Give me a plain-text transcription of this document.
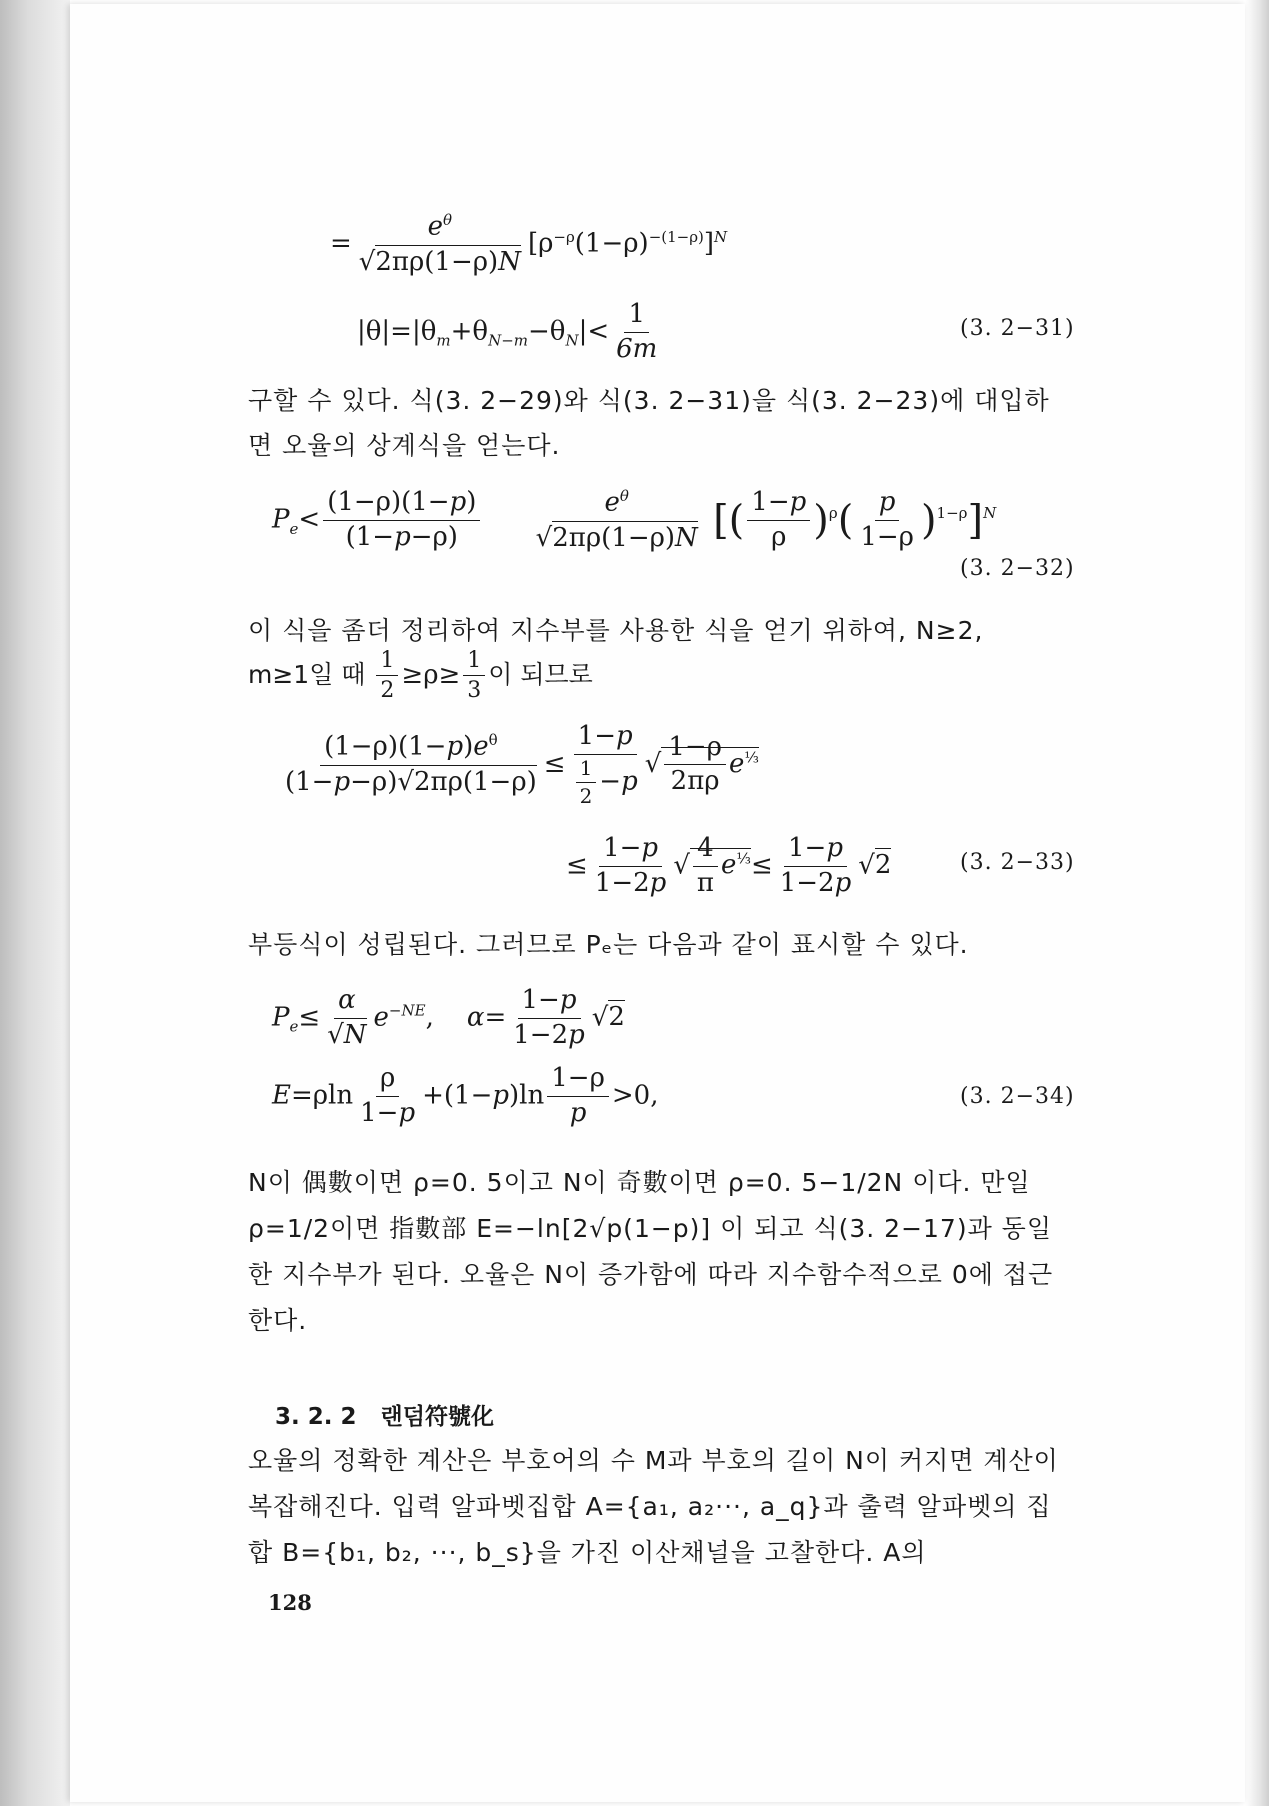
= $\frac{e^\theta}{√2\pi\rho(1-\rho)N} [\rho^{-\rho}(1-\rho)^{-(1-\rho)}]^N$
$|\theta|=|\theta_m+\theta_{N-m}-\theta_N|< \frac{1}{6m}$	(3. 2−31)
구할 수 있다. 식(3. 2−29)와 식(3. 2−31)을 식(3. 2−23)에 대입하면 오율의 상계식을 얻는다.
$P_e< \frac{(1-\rho)(1-p)}{(1-p-\rho)}$
$\frac{e^\theta}{√2\pi\rho(1-\rho)N}$ [( $\frac{1-p}{\rho} )^\rho( \frac{p}{1-\rho} )^{1-\rho}]^N$
(3. 2−32)
이 식을 좀더 정리하여 지수부를 사용한 식을 얻기 위하여, N≥2,
m≥1일 때 $\frac{1}{2} \ge\rho\ge \frac{1}{3}$ 이 되므로
$\frac{(1-\rho)(1-p)e^\theta}{(1-p-\rho)√2\pi\rho(1-\rho)} \le \frac{1-p}{\frac{1}{2} -p}$ √ $\frac{1-\rho}{2\pi\rho} e^{\frac{1}{3}}$
≤ $\frac{1-p}{1-2p}$ √ $\frac{4}{\pi} e^{\frac{1}{3}}\le \frac{1-p}{1-2p} √2$	(3. 2−33)
부등식이 성립된다. 그러므로 Pₑ는 다음과 같이 표시할 수 있다.
$P_e\le \frac{\alpha}{√N} e^{-NE}$,    $\alpha= \frac{1-p}{1-2p} √2$
$E=\rho\ln \frac{\rho}{1-p} +(1-p)\ln \frac{1-\rho}{p} >0$,	(3. 2−34)
N이 偶數이면 ρ=0. 5이고 N이 奇數이면 ρ=0. 5−1/2N 이다. 만일 ρ=1/2이면 指數部 E=−ln[2√p(1−p)] 이 되고 식(3. 2−17)과 동일한 지수부가 된다. 오율은 N이 증가함에 따라 지수함수적으로 0에 접근한다.
3. 2. 2 랜덤符號化
오율의 정확한 계산은 부호어의 수 M과 부호의 길이 N이 커지면 계산이 복잡해진다. 입력 알파벳집합 A={a₁, a₂···, a_q}과 출력 알파벳의 집합 B={b₁, b₂, ···, b_s}을 가진 이산채널을 고찰한다. A의
128
